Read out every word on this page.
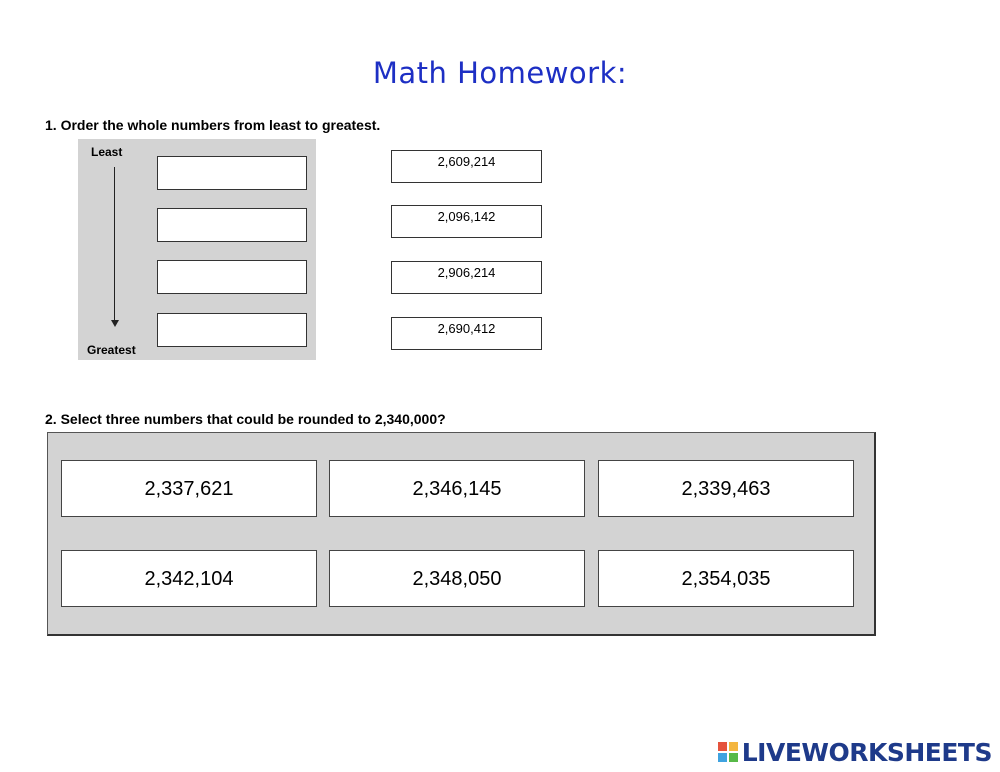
Math Homework:
1. Order the whole numbers from least to greatest.
Least
Greatest
2,609,214
2,096,142
2,906,214
2,690,412
2. Select three numbers that could be rounded to 2,340,000?
2,337,621	2,346,145	2,339,463
2,342,104	2,348,050	2,354,035
LIVEWORKSHEETS
